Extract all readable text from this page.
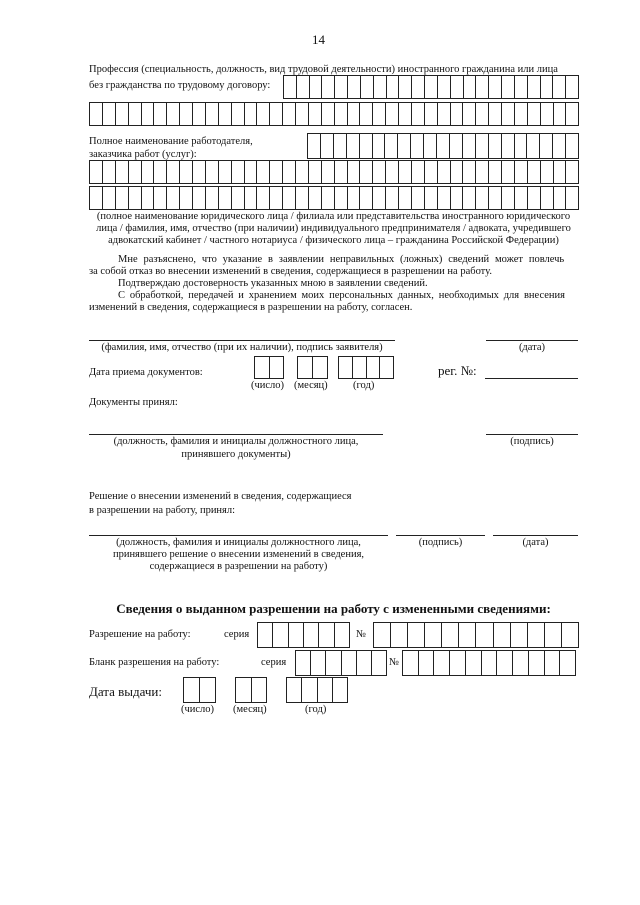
14
Профессия (специальность, должность, вид трудовой деятельности) иностранного гражданина или лица
без гражданства по трудовому договору:
Полное наименование работодателя,
заказчика работ (услуг):
(полное наименование юридического лица / филиала или представительства иностранного юридического
лица / фамилия, имя, отчество (при наличии) индивидуального предпринимателя / адвоката, учредившего
адвокатский кабинет / частного нотариуса / физического лица – гражданина Российской Федерации)
Мне разъяснено, что указание в заявлении неправильных (ложных) сведений может повлечь
за собой отказ во внесении изменений в сведения, содержащиеся в разрешении на работу.
Подтверждаю достоверность указанных мною в заявлении сведений.
С обработкой, передачей и хранением моих персональных данных, необходимых для внесения
изменений в сведения, содержащиеся в разрешении на работу, согласен.
(фамилия, имя, отчество (при их наличии), подпись заявителя)	(дата)
Дата приема документов:
(число) (месяц) (год)
рег. №:
Документы принял:
(должность, фамилия и инициалы должностного лица,
принявшего документы)
(подпись)
Решение о внесении изменений в сведения, содержащиеся
в разрешении на работу, принял:
(должность, фамилия и инициалы должностного лица,
принявшего решение о внесении изменений в сведения,
содержащиеся в разрешении на работу)
(подпись)	(дата)
Сведения о выданном разрешении на работу с измененными сведениями:
Разрешение на работу:	серия	№
Бланк разрешения на работу:	серия	№
Дата выдачи:
(число) (месяц)	(год)
